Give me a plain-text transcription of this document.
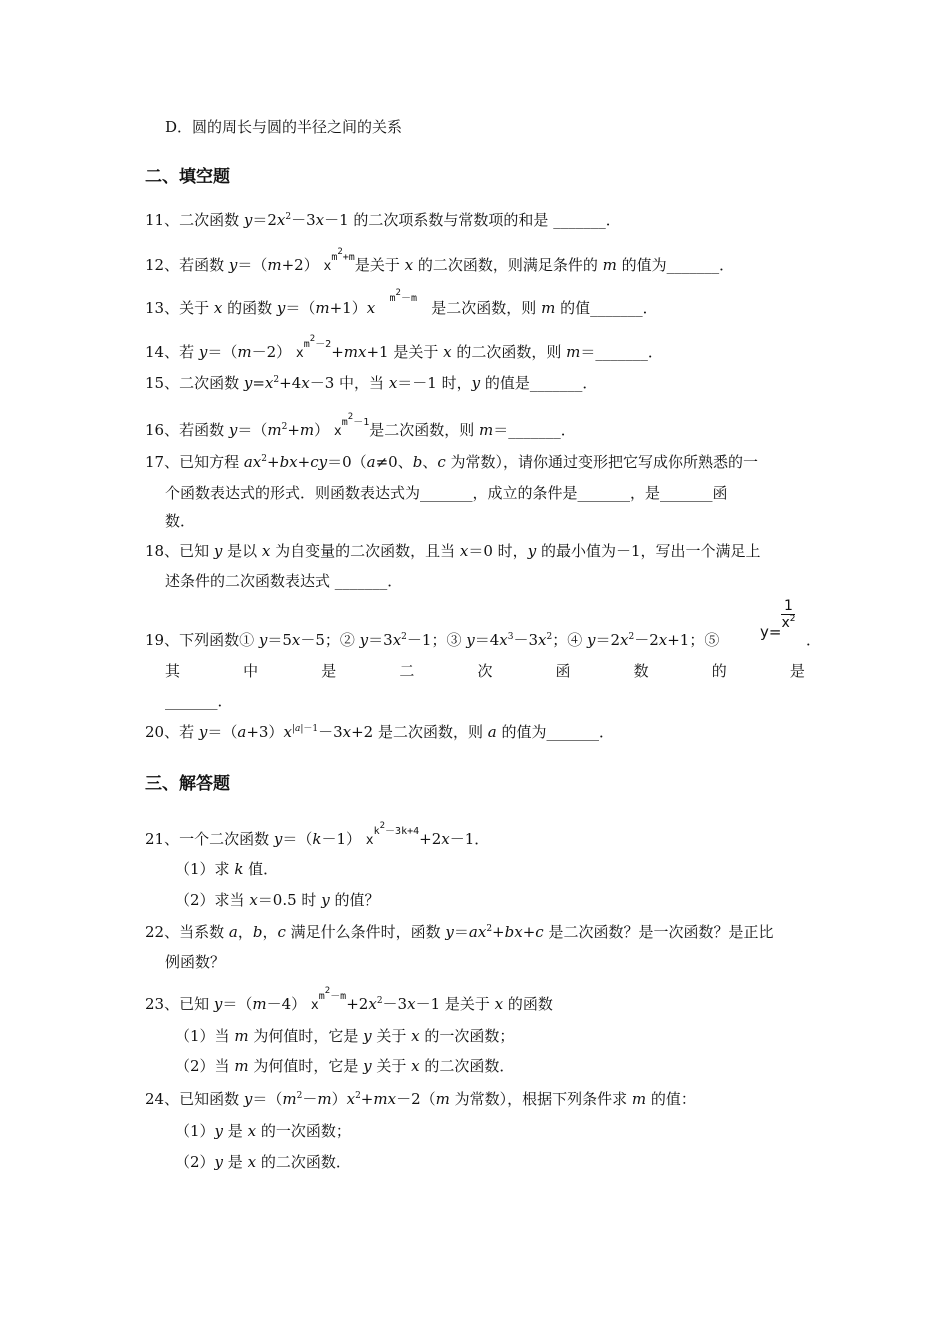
D．圆的周长与圆的半径之间的关系
二、填空题
11、二次函数 $y=2x^2-3x-1$ 的二次项系数与常数项的和是 _______．
12、若函数 y＝（m+2） $x^{m^2+m}$是关于 x 的二次函数，则满足条件的 m 的值为_______．
13、关于 x 的函数 y＝（m+1）x   $^{m^2-m}$   是二次函数，则 m 的值_______．
14、若 y＝（m－2） $x^{m^2-2}+mx+1$ 是关于 x 的二次函数，则 m＝_______．
15、二次函数 $y=x^2+4x-3$ 中，当 x＝－1 时，y 的值是_______．
16、若函数 $y=(m^2+m)$ $x^{m^2-1}$是二次函数，则 m＝_______．
17、已知方程 $ax^2+bx+cy=0(a\ne 0$、b、c 为常数），请你通过变形把它写成你所熟悉的一
个函数表达式的形式．则函数表达式为_______，成立的条件是_______，是_______函
数．
18、已知 y 是以 x 为自变量的二次函数，且当 x＝0 时，y 的最小值为－1，写出一个满足上
述条件的二次函数表达式 _______．
19、下列函数① y＝5x－5；② $y=3x^2-1$；③ $y=4x^3-3x^2$；④ $y=2x^2-2x+1$；⑤	y=
$\frac{1}{x^2}$
．
其	中	是	二	次	函	数	的	是
_______．
20、若 $y=(a+3)x^{|a|-1}-3x+2$ 是二次函数，则 a 的值为_______．
三、解答题
21、一个二次函数 y＝（k－1） $x^{k^2-3k+4}+2x-1$．
（1）求 k 值．
（2）求当 x＝0.5 时 y 的值？
22、当系数 a，b，c 满足什么条件时，函数 $y=ax^2+bx+c$ 是二次函数？是一次函数？是正比
例函数？
23、已知 y＝（m－4） $x^{m^2-m}+2x^2-3x-1$ 是关于 x 的函数
（1）当 m 为何值时，它是 y 关于 x 的一次函数；
（2）当 m 为何值时，它是 y 关于 x 的二次函数．
24、已知函数 $y=(m^2-m)x^2+mx-2(m$ 为常数），根据下列条件求 m 的值：
（1）y 是 x 的一次函数；
（2）y 是 x 的二次函数．
